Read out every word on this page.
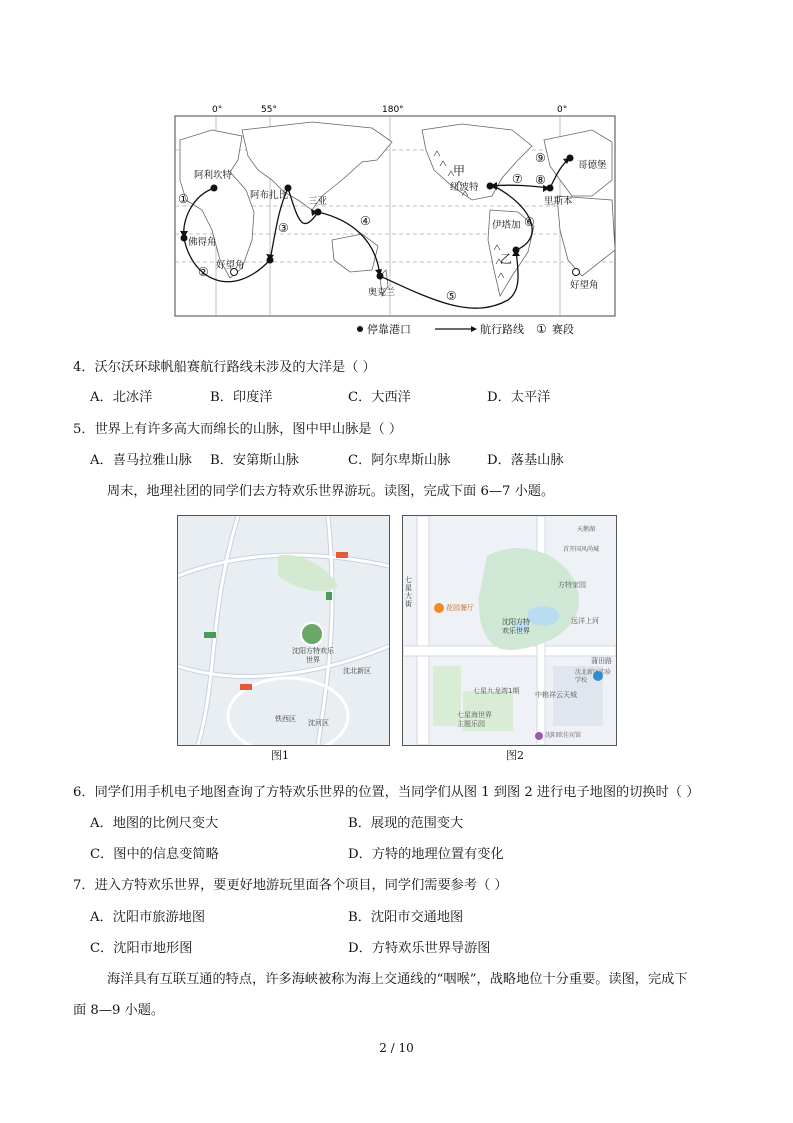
0°	55°	180°	0°
阿利坎特
佛得角
好望角
阿布扎比
三亚
奥克兰
伊塔加
纽波特
里斯本
哥德堡
好望角
甲
乙
①
②
③	④
⑤
⑥
⑦ ⑧
⑨
停靠港口	航行路线 ① 赛段
4．沃尔沃环球帆船赛航行路线未涉及的大洋是（ ）
A．北冰洋	B．印度洋	C．大西洋	D．太平洋
5．世界上有许多高大而绵长的山脉，图中甲山脉是（ ）
A．喜马拉雅山脉 B．安第斯山脉	C．阿尔卑斯山脉	D．落基山脉
周末，地理社团的同学们去方特欢乐世界游玩。读图，完成下面 6—7 小题。
沈阳方特欢乐世界
铁西区 沈河区
沈北新区
图1
七星大街	花园餐厅
方特家园
沈阳方特欢乐世界
蒲田路
七星九龙湾1期 中粮祥云天城
七星海世界主题乐园
沈北新区实验学校
远洋上河
首开国风尚城
沈阳欧佳宾馆
天鹅湖
图2
6．同学们用手机电子地图查询了方特欢乐世界的位置，当同学们从图 1 到图 2 进行电子地图的切换时（ ）
A．地图的比例尺变大	B．展现的范围变大
C．图中的信息变简略	D．方特的地理位置有变化
7．进入方特欢乐世界，要更好地游玩里面各个项目，同学们需要参考（ ）
A．沈阳市旅游地图	B．沈阳市交通地图
C．沈阳市地形图	D．方特欢乐世界导游图
海洋具有互联互通的特点，许多海峡被称为海上交通线的“咽喉”，战略地位十分重要。读图，完成下
面 8—9 小题。
2 / 10
